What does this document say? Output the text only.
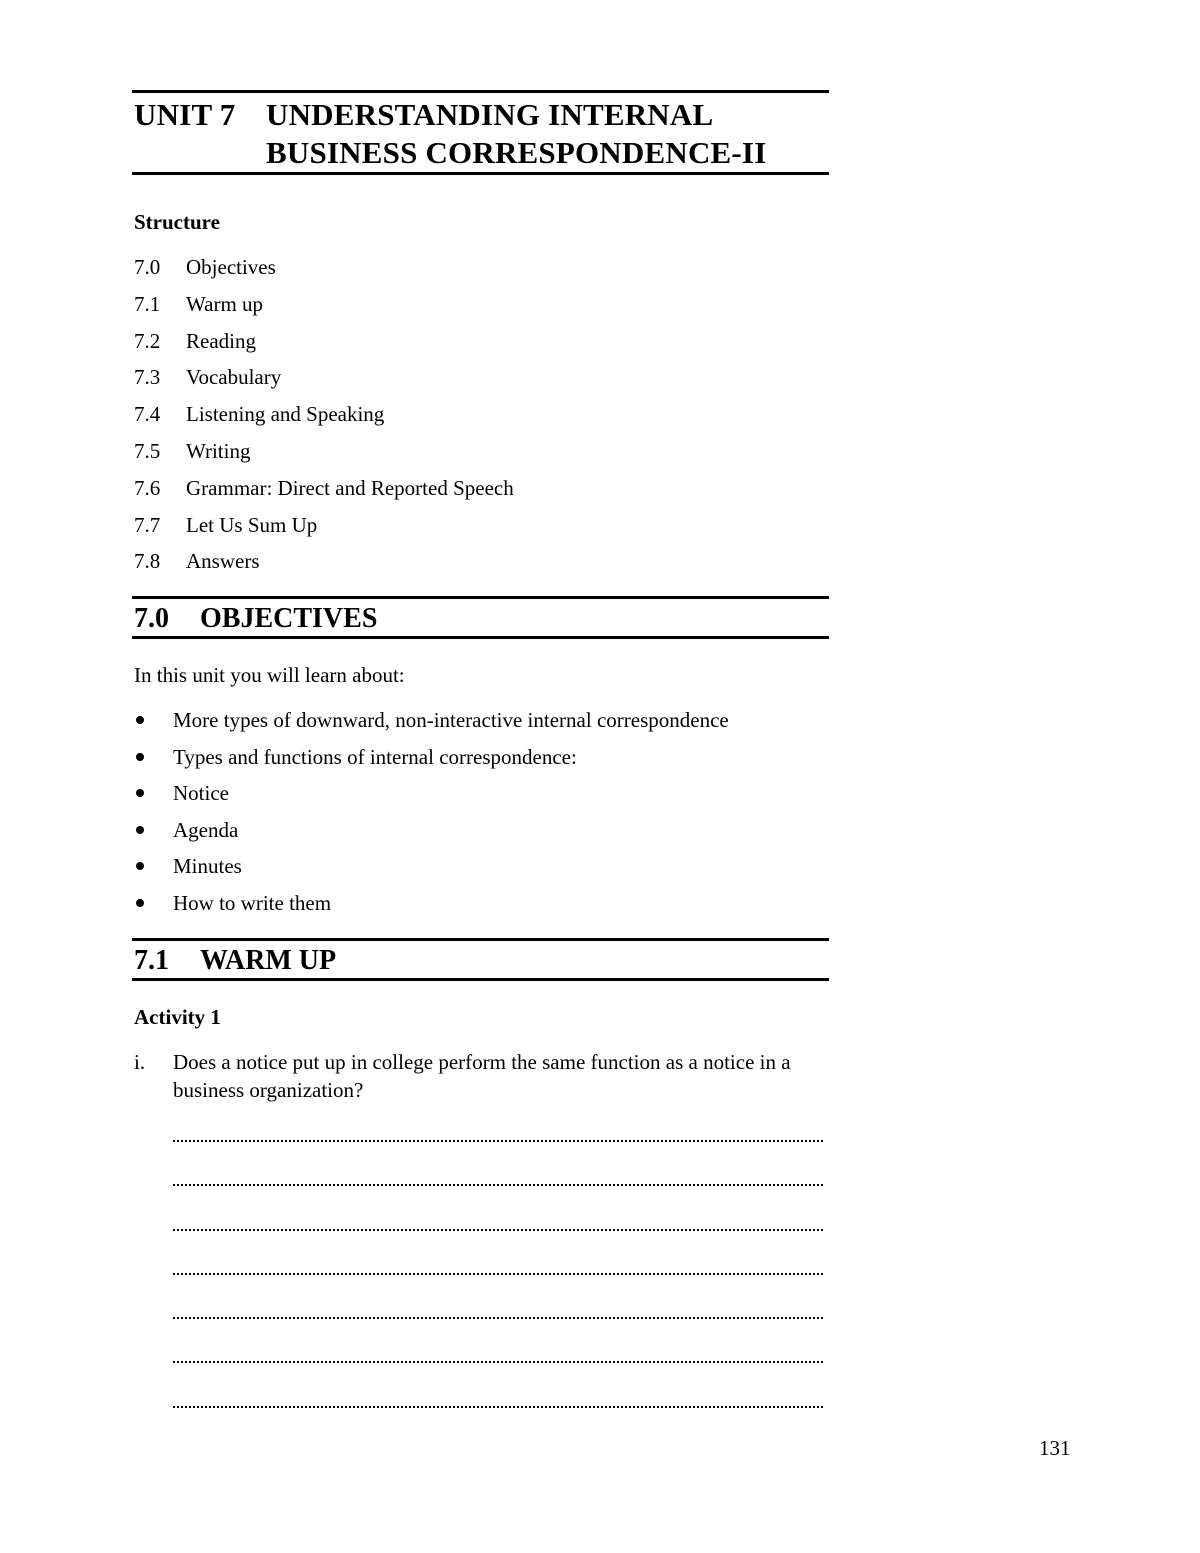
UNIT 7 UNDERSTANDING INTERNAL
BUSINESS CORRESPONDENCE-II
Structure
7.0 Objectives
7.1 Warm up
7.2 Reading
7.3 Vocabulary
7.4 Listening and Speaking
7.5 Writing
7.6 Grammar: Direct and Reported Speech
7.7 Let Us Sum Up
7.8 Answers
7.0 OBJECTIVES
In this unit you will learn about:
More types of downward, non-interactive internal correspondence
Types and functions of internal correspondence:
Notice
Agenda
Minutes
How to write them
7.1 WARM UP
Activity 1
i. Does a notice put up in college perform the same function as a notice in a business organization?
131
